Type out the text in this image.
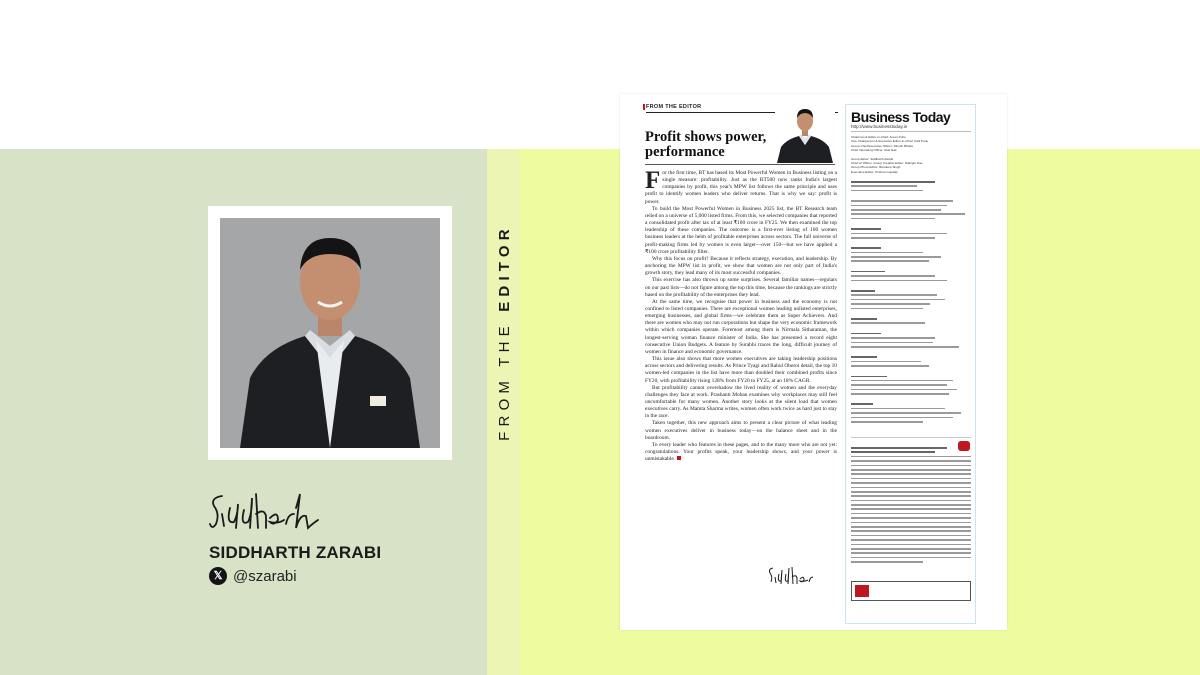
FROM THE EDITOR
SIDDHARTH ZARABI
𝕏 @szarabi
FROM THE EDITOR
Profit shows power, performance

For the first time, BT has based its Most Powerful Women in Business listing on a single measure: profitability. Just as the BT500 now ranks India's largest companies by profit, this year's MPW list follows the same principle and uses profit to identify women leaders who deliver returns. That is why we say: profit is power.

To build the Most Powerful Women in Business 2025 list, the BT Research team relied on a universe of 5,000 listed firms. From this, we selected companies that reported a consolidated profit after tax of at least ₹100 crore in FY25. We then examined the top leadership of these companies. The outcome is a first-ever listing of 100 women business leaders at the helm of profitable enterprises across sectors. The full universe of profit-making firms led by women is even larger—over 150—but we have applied a ₹100 crore profitability filter.

Why this focus on profit? Because it reflects strategy, execution, and leadership. By anchoring the MPW list in profit, we show that women are not only part of India's growth story, they lead many of its most successful companies.

This exercise has also thrown up some surprises. Several familiar names—regulars on our past lists—do not figure among the top this time, because the rankings are strictly based on the profitability of the enterprises they lead.

At the same time, we recognise that power in business and the economy is not confined to listed companies. There are exceptional women leading unlisted enterprises, emerging businesses, and global firms—we celebrate them as Super Achievers. And there are women who may not run corporations but shape the very economic framework within which companies operate. Foremost among them is Nirmala Sitharaman, the longest-serving woman finance minister of India. She has presented a record eight consecutive Union Budgets. A feature by Surabhi traces the long, difficult journey of women in finance and economic governance.

This issue also shows that more women executives are taking leadership positions across sectors and delivering results. As Prince Tyagi and Rahul Oberoi detail, the top 10 women-led companies in the list have more than doubled their combined profits since FY20, with profitability rising 128% from FY20 to FY25, at an 18% CAGR.

But profitability cannot overshadow the lived reality of women and the everyday challenges they face at work. Prashanti Mohan examines why workplaces may still feel uncomfortable for many women. Another story looks at the silent load that women executives carry. As Mamta Sharma writes, women often work twice as hard just to stay in the race.

Taken together, this new approach aims to present a clear picture of what leading women executives deliver in business today—on the balance sheet and in the boardroom.

To every leader who features in these pages, and to the many more who are not yet: congratulations. Your profits speak, your leadership shows, and your power is unmistakable.

Business Today
http://www.businesstoday.in
Chairman & Editor-in-Chief: Aroon Purie
Vice Chairperson & Executive Editor-in-Chief: Kalli Purie
Group Chief Executive Officer: Dinesh Bhatia
Chief Operating Officer: Alok Nair
Group Editor: Siddharth Zarabi
Chief AI Officer, Group Creative Editor: Nilanjan Das
Group Photo Editor: Bandeep Singh
Executive Editor: Krishna Gopalan
